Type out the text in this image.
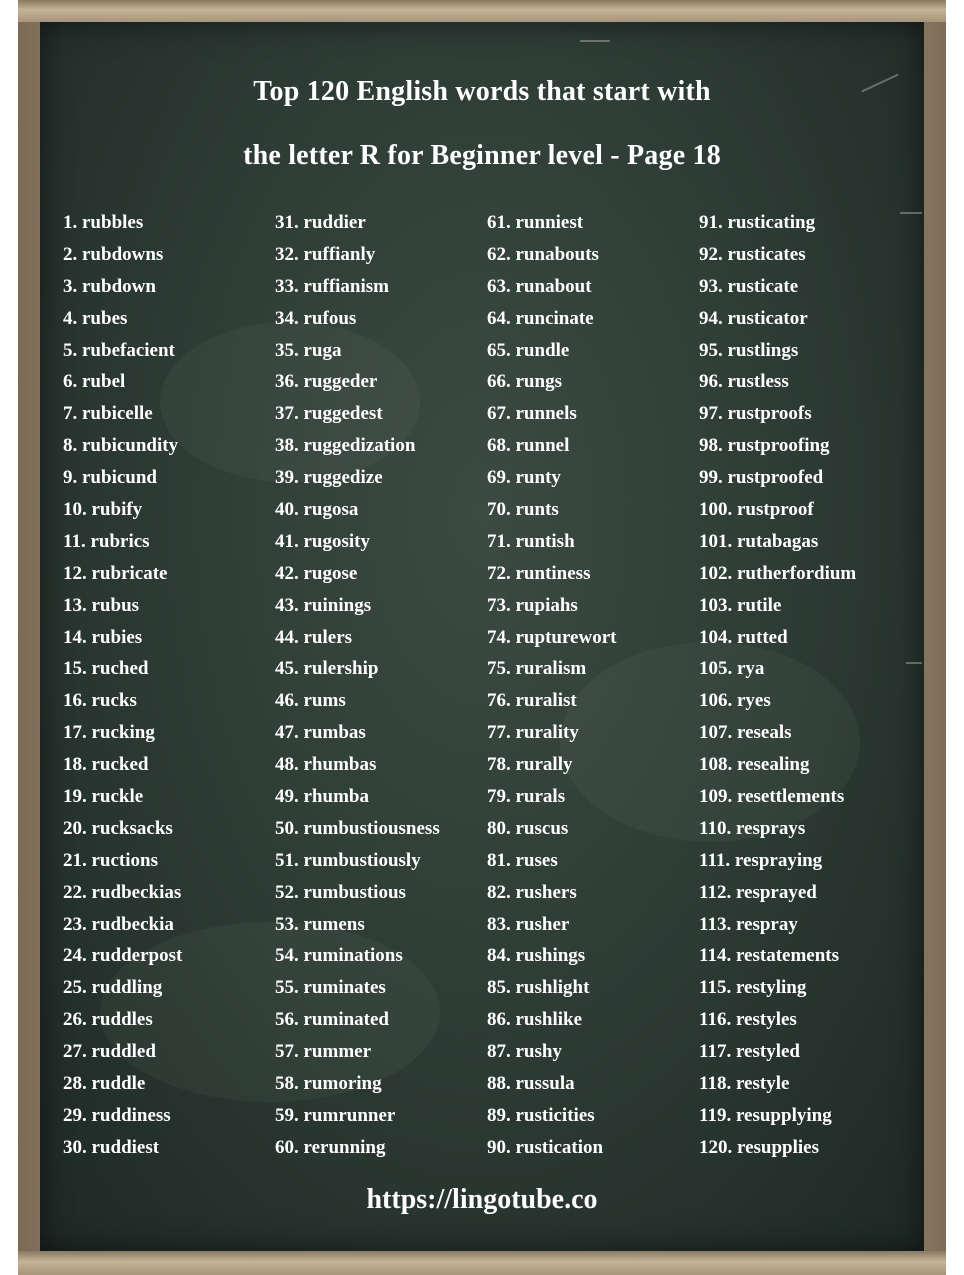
Top 120 English words that start with
the letter R for Beginner level - Page 18
1. rubbles
2. rubdowns
3. rubdown
4. rubes
5. rubefacient
6. rubel
7. rubicelle
8. rubicundity
9. rubicund
10. rubify
11. rubrics
12. rubricate
13. rubus
14. rubies
15. ruched
16. rucks
17. rucking
18. rucked
19. ruckle
20. rucksacks
21. ructions
22. rudbeckias
23. rudbeckia
24. rudderpost
25. ruddling
26. ruddles
27. ruddled
28. ruddle
29. ruddiness
30. ruddiest
31. ruddier
32. ruffianly
33. ruffianism
34. rufous
35. ruga
36. ruggeder
37. ruggedest
38. ruggedization
39. ruggedize
40. rugosa
41. rugosity
42. rugose
43. ruinings
44. rulers
45. rulership
46. rums
47. rumbas
48. rhumbas
49. rhumba
50. rumbustiousness
51. rumbustiously
52. rumbustious
53. rumens
54. ruminations
55. ruminates
56. ruminated
57. rummer
58. rumoring
59. rumrunner
60. rerunning
61. runniest
62. runabouts
63. runabout
64. runcinate
65. rundle
66. rungs
67. runnels
68. runnel
69. runty
70. runts
71. runtish
72. runtiness
73. rupiahs
74. rupturewort
75. ruralism
76. ruralist
77. rurality
78. rurally
79. rurals
80. ruscus
81. ruses
82. rushers
83. rusher
84. rushings
85. rushlight
86. rushlike
87. rushy
88. russula
89. rusticities
90. rustication
91. rusticating
92. rusticates
93. rusticate
94. rusticator
95. rustlings
96. rustless
97. rustproofs
98. rustproofing
99. rustproofed
100. rustproof
101. rutabagas
102. rutherfordium
103. rutile
104. rutted
105. rya
106. ryes
107. reseals
108. resealing
109. resettlements
110. resprays
111. respraying
112. resprayed
113. respray
114. restatements
115. restyling
116. restyles
117. restyled
118. restyle
119. resupplying
120. resupplies
https://lingotube.co
